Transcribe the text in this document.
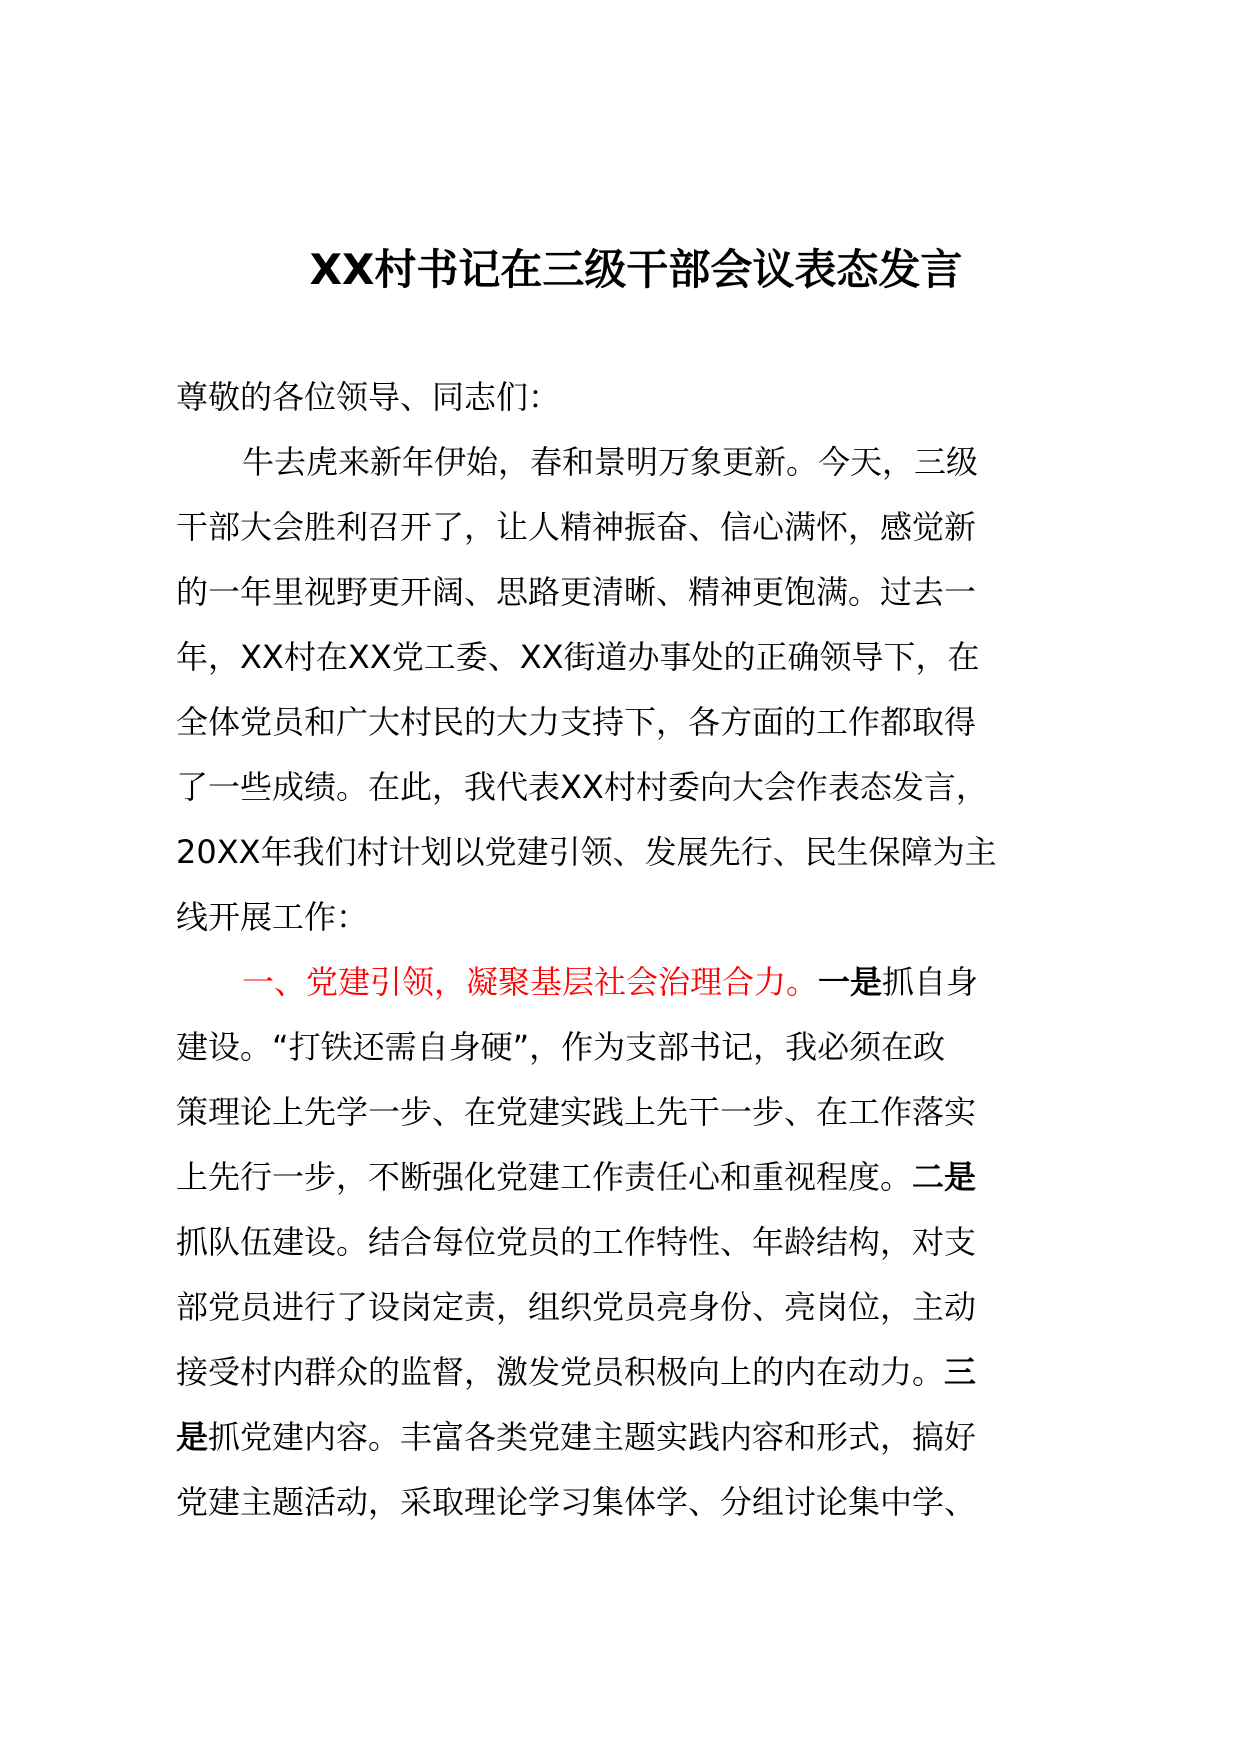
XX村书记在三级干部会议表态发言
尊敬的各位领导、同志们：
牛去虎来新年伊始，春和景明万象更新。今天，三级
干部大会胜利召开了，让人精神振奋、信心满怀，感觉新
的一年里视野更开阔、思路更清晰、精神更饱满。过去一
年，XX村在XX党工委、XX街道办事处的正确领导下，在
全体党员和广大村民的大力支持下，各方面的工作都取得
了一些成绩。在此，我代表XX村村委向大会作表态发言，
20XX年我们村计划以党建引领、发展先行、民生保障为主
线开展工作：
一、党建引领，凝聚基层社会治理合力。一是抓自身
建设。“打铁还需自身硬”，作为支部书记，我必须在政
策理论上先学一步、在党建实践上先干一步、在工作落实
上先行一步，不断强化党建工作责任心和重视程度。二是
抓队伍建设。结合每位党员的工作特性、年龄结构，对支
部党员进行了设岗定责，组织党员亮身份、亮岗位，主动
接受村内群众的监督，激发党员积极向上的内在动力。三
是抓党建内容。丰富各类党建主题实践内容和形式，搞好
党建主题活动，采取理论学习集体学、分组讨论集中学、
